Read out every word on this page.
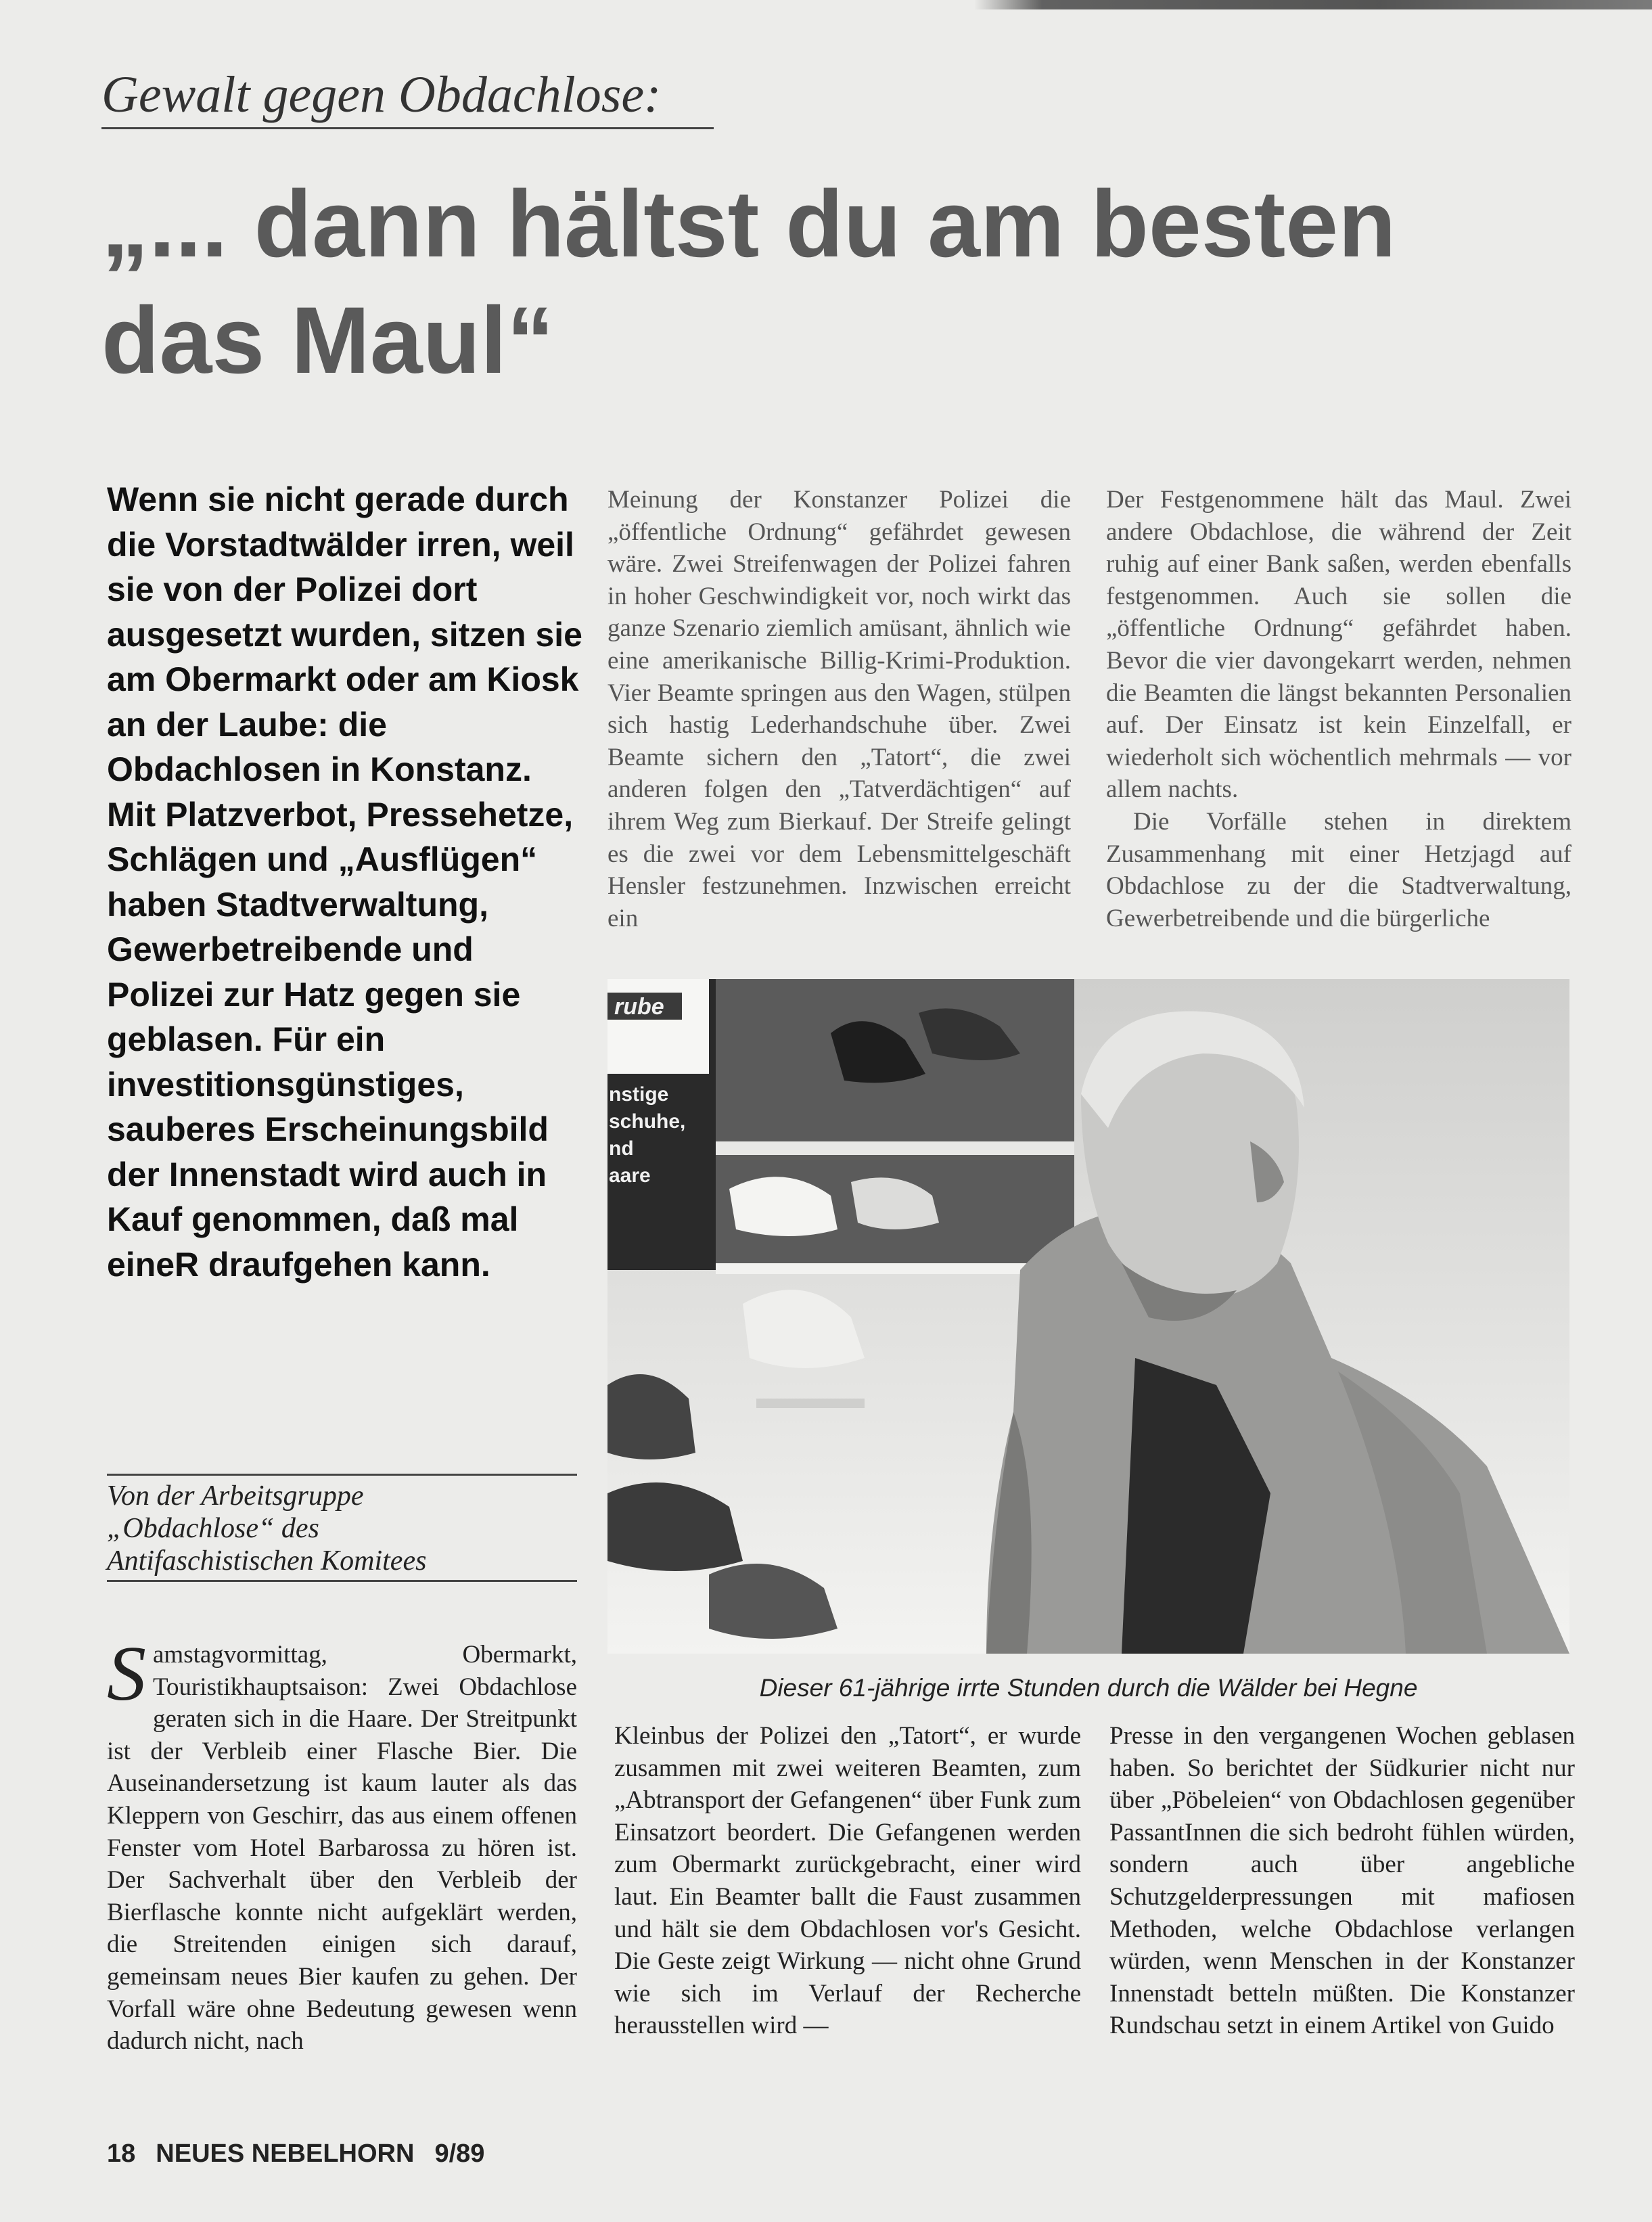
Gewalt gegen Obdachlose:
„... dann hältst du am besten
das Maul“
Wenn sie nicht gerade durch die Vorstadtwälder irren, weil sie von der Polizei dort ausgesetzt wurden, sitzen sie am Obermarkt oder am Kiosk an der Laube: die Obdachlosen in Konstanz. Mit Platzverbot, Pressehetze, Schlägen und „Ausflügen“ haben Stadtverwaltung, Gewerbetreibende und Polizei zur Hatz gegen sie geblasen. Für ein investitionsgünstiges, sauberes Erscheinungsbild der Innenstadt wird auch in Kauf genommen, daß mal eineR draufgehen kann.
Von der Arbeitsgruppe
„Obdachlose“ des
Antifaschistischen Komitees

Meinung der Konstanzer Polizei die „öffentliche Ordnung“ gefährdet gewesen wäre. Zwei Streifenwagen der Polizei fahren in hoher Geschwindigkeit vor, noch wirkt das ganze Szenario ziemlich amüsant, ähnlich wie eine amerikanische Billig-Krimi-Produktion. Vier Beamte springen aus den Wagen, stülpen sich hastig Lederhandschuhe über. Zwei Beamte sichern den „Tatort“, die zwei anderen folgen den „Tatverdächtigen“ auf ihrem Weg zum Bierkauf. Der Streife gelingt es die zwei vor dem Lebensmittelgeschäft Hensler festzunehmen. Inzwischen erreicht ein

Der Festgenommene hält das Maul. Zwei andere Obdachlose, die während der Zeit ruhig auf einer Bank saßen, werden ebenfalls festgenommen. Auch sie sollen die „öffentliche Ordnung“ gefährdet haben. Bevor die vier davongekarrt werden, nehmen die Beamten die längst bekannten Personalien auf. Der Einsatz ist kein Einzelfall, er wiederholt sich wöchentlich mehrmals — vor allem nachts.

Die Vorfälle stehen in direktem Zusammenhang mit einer Hetzjagd auf Obdachlose zu der die Stadtverwaltung, Gewerbetreibende und die bürgerliche

rube
nstige
schuhe,
nd
aare
Dieser 61-jährige irrte Stunden durch die Wälder bei Hegne
Samstagvormittag, Obermarkt, Touristikhauptsaison: Zwei Obdachlose geraten sich in die Haare. Der Streitpunkt ist der Verbleib einer Flasche Bier. Die Auseinandersetzung ist kaum lauter als das Kleppern von Geschirr, das aus einem offenen Fenster vom Hotel Barbarossa zu hören ist. Der Sachverhalt über den Verbleib der Bierflasche konnte nicht aufgeklärt werden, die Streitenden einigen sich darauf, gemeinsam neues Bier kaufen zu gehen. Der Vorfall wäre ohne Bedeutung gewesen wenn dadurch nicht, nach

Kleinbus der Polizei den „Tatort“, er wurde zusammen mit zwei weiteren Beamten, zum „Abtransport der Gefangenen“ über Funk zum Einsatzort beordert. Die Gefangenen werden zum Obermarkt zurückgebracht, einer wird laut. Ein Beamter ballt die Faust zusammen und hält sie dem Obdachlosen vor's Gesicht. Die Geste zeigt Wirkung — nicht ohne Grund wie sich im Verlauf der Recherche herausstellen wird —

Presse in den vergangenen Wochen geblasen haben. So berichtet der Südkurier nicht nur über „Pöbeleien“ von Obdachlosen gegenüber PassantInnen die sich bedroht fühlen würden, sondern auch über angebliche Schutzgelderpressungen mit mafiosen Methoden, welche Obdachlose verlangen würden, wenn Menschen in der Konstanzer Innenstadt betteln müßten. Die Konstanzer Rundschau setzt in einem Artikel von Guido

18 NEUES NEBELHORN 9/89
